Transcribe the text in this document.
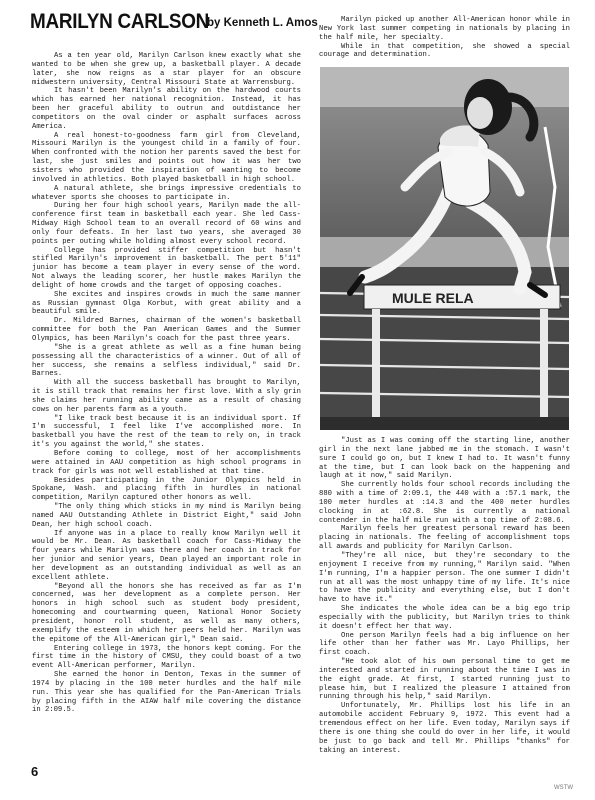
MARILYN CARLSON
by Kenneth L. Amos

As a ten year old, Marilyn Carlson knew exactly what she wanted to be when she grew up, a basketball player. A decade later, she now reigns as a star player for an obscure midwestern university, Central Missouri State at Warrensburg.

It hasn't been Marilyn's ability on the hardwood courts which has earned her national recognition. Instead, it has been her graceful ability to outrun and outdistance her competitors on the oval cinder or asphalt surfaces across America.

A real honest-to-goodness farm girl from Cleveland, Missouri Marilyn is the youngest child in a family of four. When confronted with the notion her parents saved the best for last, she just smiles and points out how it was her two sisters who provided the inspiration of wanting to become involved in athletics. Both played basketball in high school.

A natural athlete, she brings impressive credentials to whatever sports she chooses to participate in.

During her four high school years, Marilyn made the all-conference first team in basketball each year. She led Cass-Midway High School team to an overall record of 60 wins and only four defeats. In her last two years, she averaged 30 points per outing while holding almost every school record.

College has provided stiffer competition but hasn't stifled Marilyn's improvement in basketball. The pert 5'11" junior has become a team player in every sense of the word. Not always the leading scorer, her hustle makes Marilyn the delight of home crowds and the target of opposing coaches.

She excites and inspires crowds in much the same manner as Russian gymnast Olga Korbut, with great ability and a beautiful smile.

Dr. Mildred Barnes, chairman of the women's basketball committee for both the Pan American Games and the Summer Olympics, has been Marilyn's coach for the past three years.

"She is a great athlete as well as a fine human being possessing all the characteristics of a winner. Out of all of her success, she remains a selfless individual," said Dr. Barnes.

With all the success basketball has brought to Marilyn, it is still track that remains her first love. With a sly grin she claims her running ability came as a result of chasing cows on her parents farm as a youth.

"I like track best because it is an individual sport. If I'm successful, I feel like I've accomplished more. In basketball you have the rest of the team to rely on, in track it's you against the world," she states.

Before coming to college, most of her accomplishments were attained in AAU competition as high school programs in track for girls was not well established at that time.

Besides participating in the Junior Olympics held in Spokane, Wash. and placing fifth in hurdles in national competition, Marilyn captured other honors as well.

"The only thing which sticks in my mind is Marilyn being named AAU Outstanding Athlete in District Eight," said John Dean, her high school coach.

If anyone was in a place to really know Marilyn well it would be Mr. Dean. As basketball coach for Cass-Midway the four years while Marilyn was there and her coach in track for her junior and senior years, Dean played an important role in her development as an outstanding individual as well as an excellent athlete.

"Beyond all the honors she has received as far as I'm concerned, was her development as a complete person. Her honors in high school such as student body president, homecoming and courtwarming queen, National Honor Society president, honor roll student, as well as many others, exemplify the esteem in which her peers held her. Marilyn was the epitome of the All-American girl," Dean said.

Entering college in 1973, the honors kept coming. For the first time in the history of CMSU, they could boast of a two event All-American performer, Marilyn.

She earned the honor in Denton, Texas in the summer of 1974 by placing in the 100 meter hurdles and the half mile run. This year she has qualified for the Pan-American Trials by placing fifth in the AIAW half mile covering the distance in 2:09.5.

Marilyn picked up another All-American honor while in New York last summer competing in nationals by placing in the half mile, her specialty.

While in that competition, she showed a special courage and determination.

MULE RELA

"Just as I was coming off the starting line, another girl in the next lane jabbed me in the stomach. I wasn't sure I could go on, but I knew I had to. It wasn't funny at the time, but I can look back on the happening and laugh at it now," said Marilyn.

She currently holds four school records including the 880 with a time of 2:09.1, the 440 with a :57.1 mark, the 100 meter hurdles at :14.3 and the 400 meter hurdles clocking in at :62.8. She is currently a national contender in the half mile run with a top time of 2:08.6.

Marilyn feels her greatest personal reward has been placing in nationals. The feeling of accomplishment tops all awards and publicity for Marilyn Carlson.

"They're all nice, but they're secondary to the enjoyment I receive from my running," Marilyn said. "When I'm running, I'm a happier person. The one summer I didn't run at all was the most unhappy time of my life. It's nice to have the publicity and everything else, but I don't have to have it."

She indicates the whole idea can be a big ego trip especially with the publicity, but Marilyn tries to think it doesn't effect her that way.

One person Marilyn feels had a big influence on her life other than her father was Mr. Layo Phillips, her first coach.

"He took alot of his own personal time to get me interested and started in running about the time I was in the eight grade. At first, I started running just to please him, but I realized the pleasure I attained from running through his help," said Marilyn.

Unfortunately, Mr. Phillips lost his life in an automobile accident February 9, 1972. This event had a tremendous effect on her life. Even today, Marilyn says if there is one thing she could do over in her life, it would be just to go back and tell Mr. Phillips "thanks" for taking an interest.

6
WSTW
